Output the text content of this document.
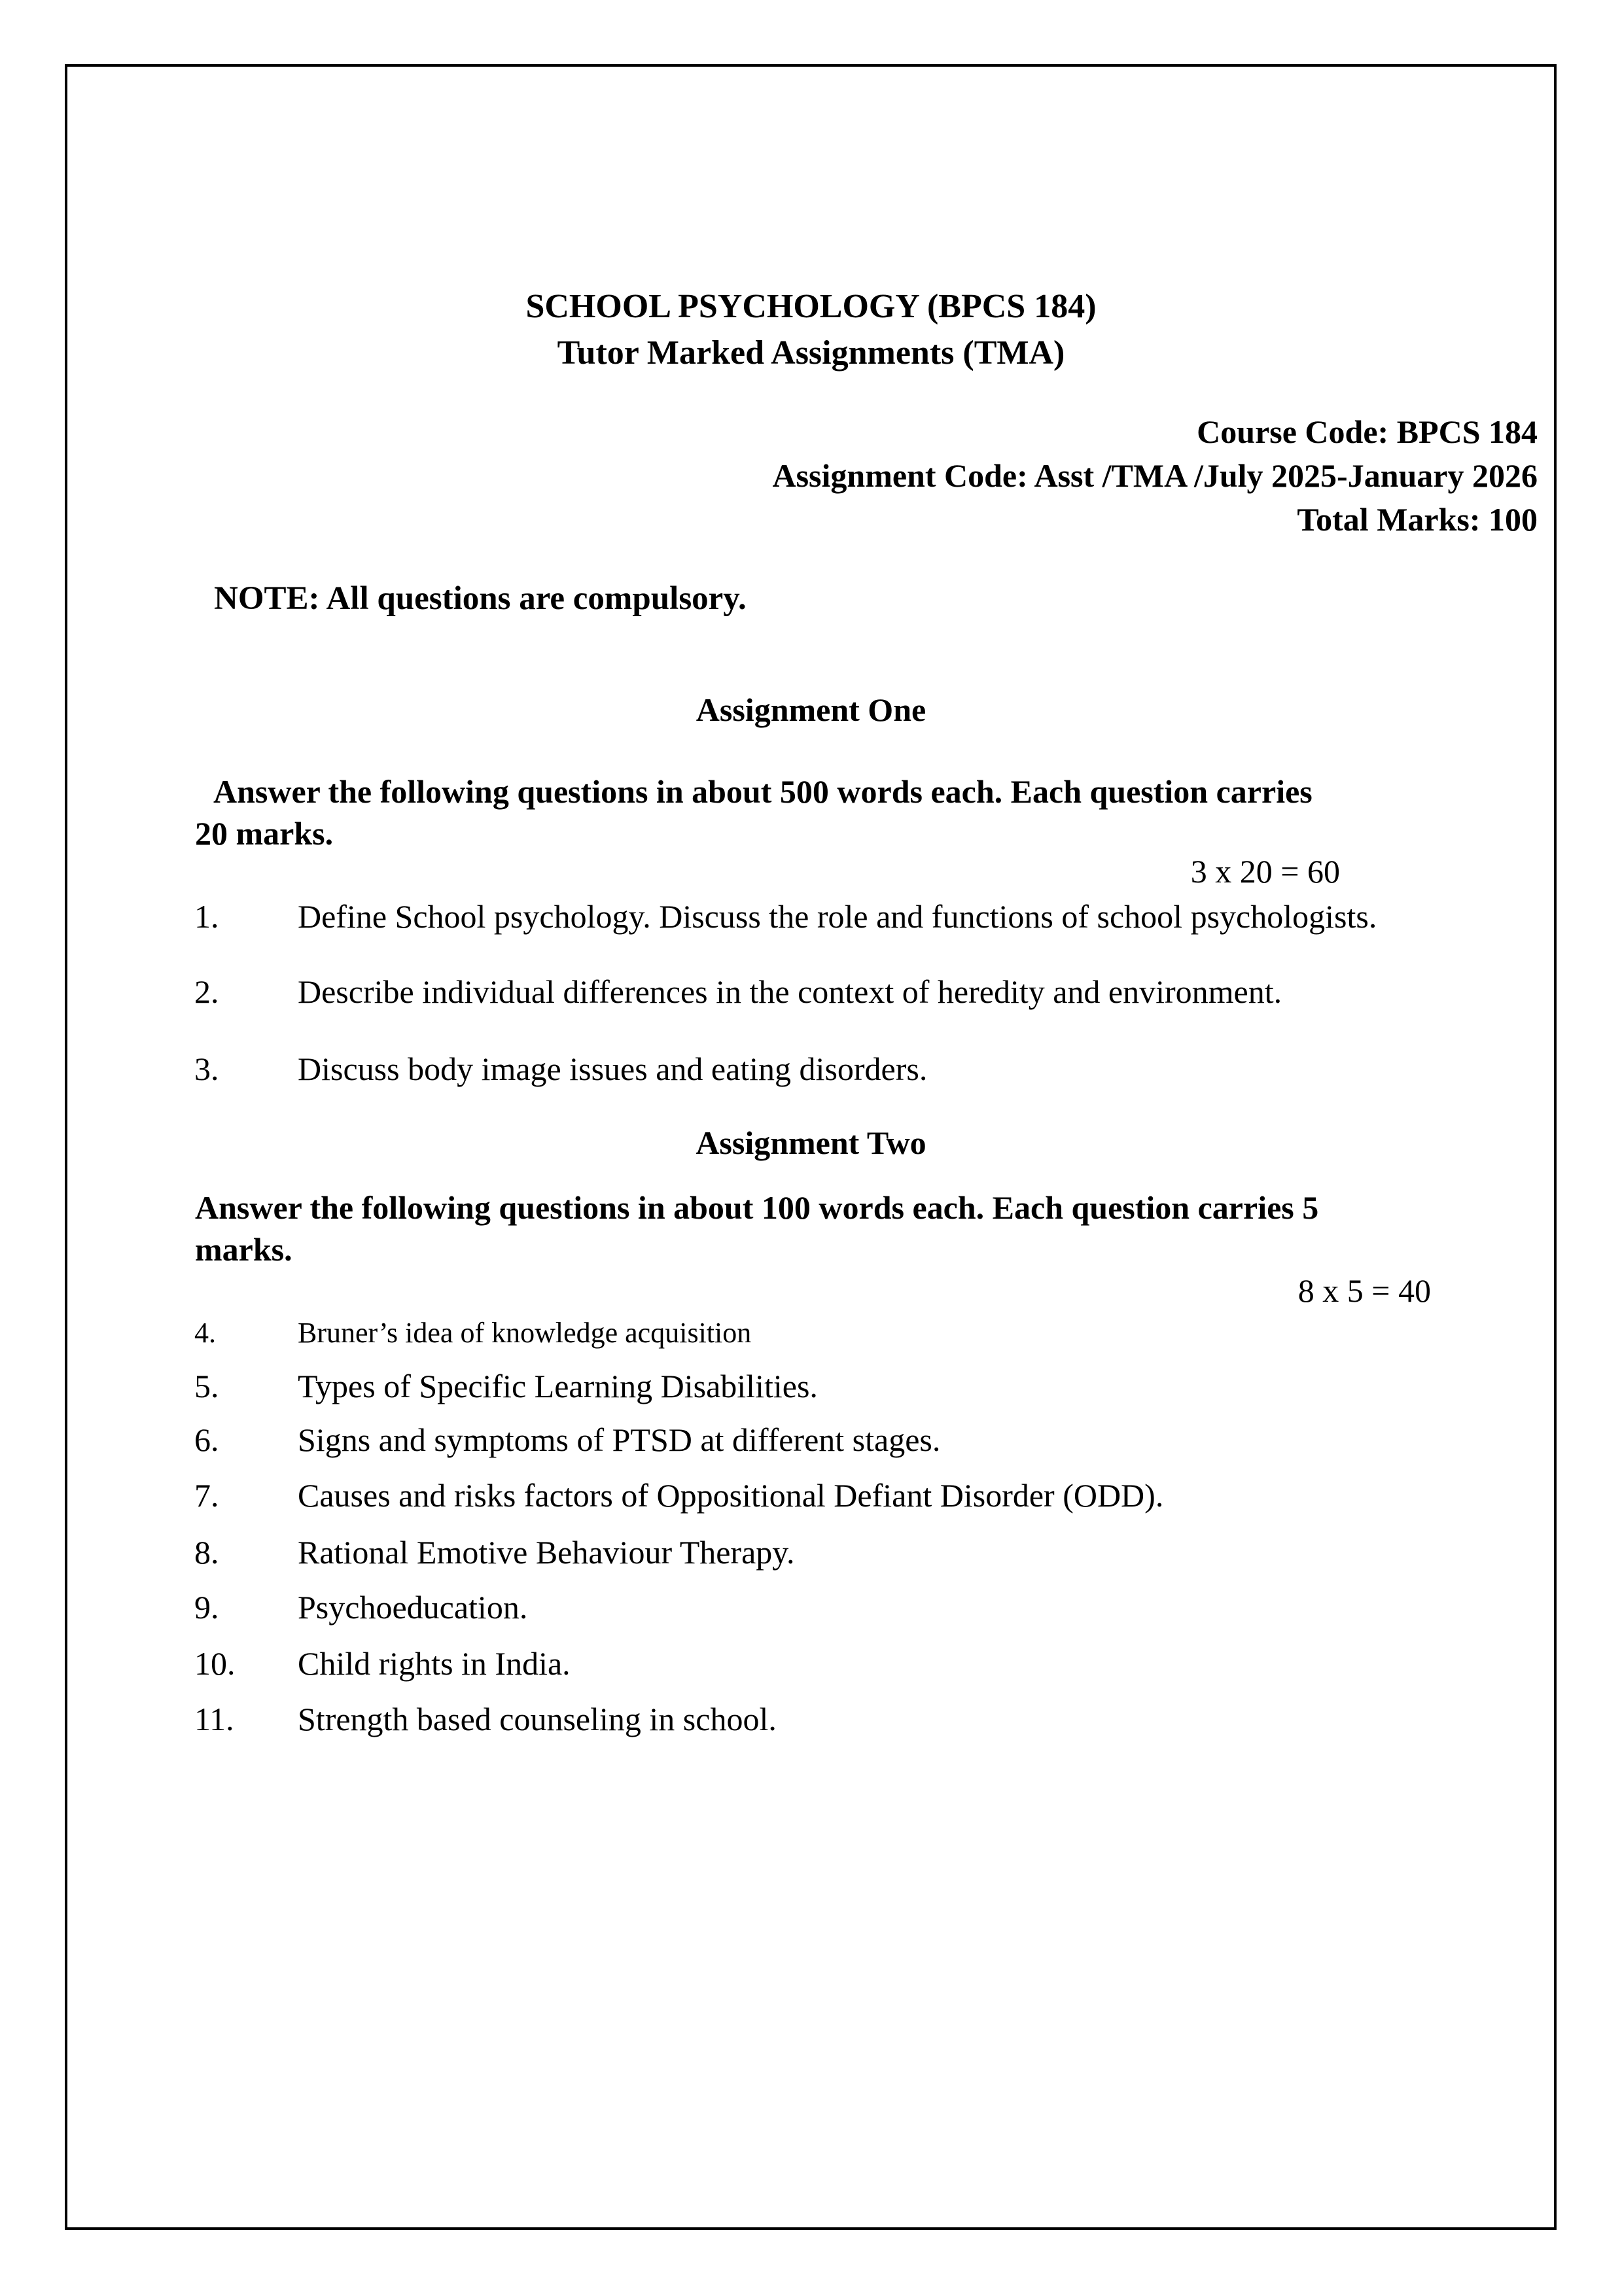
SCHOOL PSYCHOLOGY (BPCS 184)
Tutor Marked Assignments (TMA)
Course Code: BPCS 184
Assignment Code: Asst /TMA /July 2025-January 2026
Total Marks: 100
NOTE: All questions are compulsory.
Assignment One

Answer the following questions in about 500 words each. Each question carries
20 marks.

3 x 20 = 60
1. Define School psychology. Discuss the role and functions of school psychologists.
2. Describe individual differences in the context of heredity and environment.
3. Discuss body image issues and eating disorders.
Assignment Two

Answer the following questions in about 100 words each. Each question carries 5
marks.

8 x 5 = 40
4.	Bruner’s idea of knowledge acquisition
5. Types of Specific Learning Disabilities.
6. Signs and symptoms of PTSD at different stages.
7. Causes and risks factors of Oppositional Defiant Disorder (ODD).
8. Rational Emotive Behaviour Therapy.
9. Psychoeducation.
10. Child rights in India.
11. Strength based counseling in school.
